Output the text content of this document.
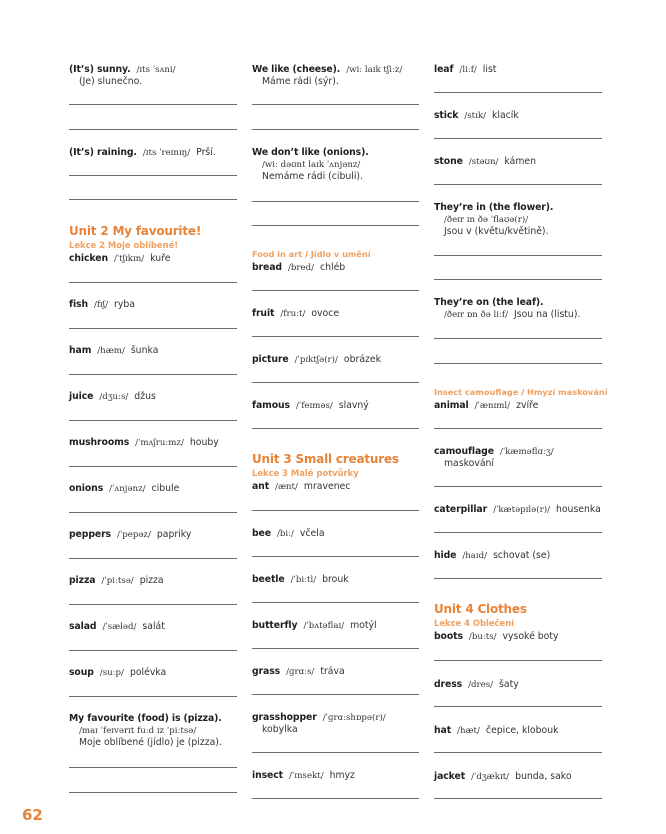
(It’s) sunny. /ɪts ˈsʌni/
(Je) slunečno.
(It’s) raining. /ɪts ˈreɪnɪŋ/ Prší.
Unit 2 My favourite!
Lekce 2 Moje oblíbené!
chicken /ˈtʃɪkɪn/ kuře
fish /fɪʃ/ ryba
ham /hæm/ šunka
juice /dʒuːs/ džus
mushrooms /ˈmʌʃruːmz/ houby
onions /ˈʌnjənz/ cibule
peppers /ˈpepəz/ papriky
pizza /ˈpiːtsə/ pizza
salad /ˈsæləd/ salát
soup /suːp/ polévka
My favourite (food) is (pizza).
/maɪ ˈfeɪvərɪt fuːd ɪz ˈpiːtsə/
Moje oblíbené (jídlo) je (pizza).
We like (cheese). /wiː laɪk tʃiːz/
Máme rádi (sýr).
We don’t like (onions).
/wiː dəʊnt laɪk ˈʌnjənz/
Nemáme rádi (cibuli).
Food in art / Jídlo v umění
bread /bred/ chléb
fruit /fruːt/ ovoce
picture /ˈpɪktʃə(r)/ obrázek
famous /ˈfeɪməs/ slavný
Unit 3 Small creatures
Lekce 3 Malé potvůrky
ant /ænt/ mravenec
bee /biː/ včela
beetle /ˈbiːtl/ brouk
butterfly /ˈbʌtəflaɪ/ motýl
grass /ɡrɑːs/ tráva
grasshopper /ˈɡrɑːshɒpə(r)/
kobylka
insect /ˈɪnsekt/ hmyz
leaf /liːf/ list
stick /stɪk/ klacík
stone /stəʊn/ kámen
They’re in (the flower).
/ðeɪr ɪn ðə ˈflaʊə(r)/
Jsou v (květu/květině).
They’re on (the leaf).
/ðeɪr ɒn ðə liːf/ Jsou na (listu).
Insect camouflage / Hmyzí maskování
animal /ˈænɪml/ zvíře
camouflage /ˈkæməflɑːʒ/
maskování
caterpillar /ˈkætəpɪlə(r)/ housenka
hide /haɪd/ schovat (se)
Unit 4 Clothes
Lekce 4 Oblečení
boots /buːts/ vysoké boty
dress /dres/ šaty
hat /hæt/ čepice, klobouk
jacket /ˈdʒækɪt/ bunda, sako
62
